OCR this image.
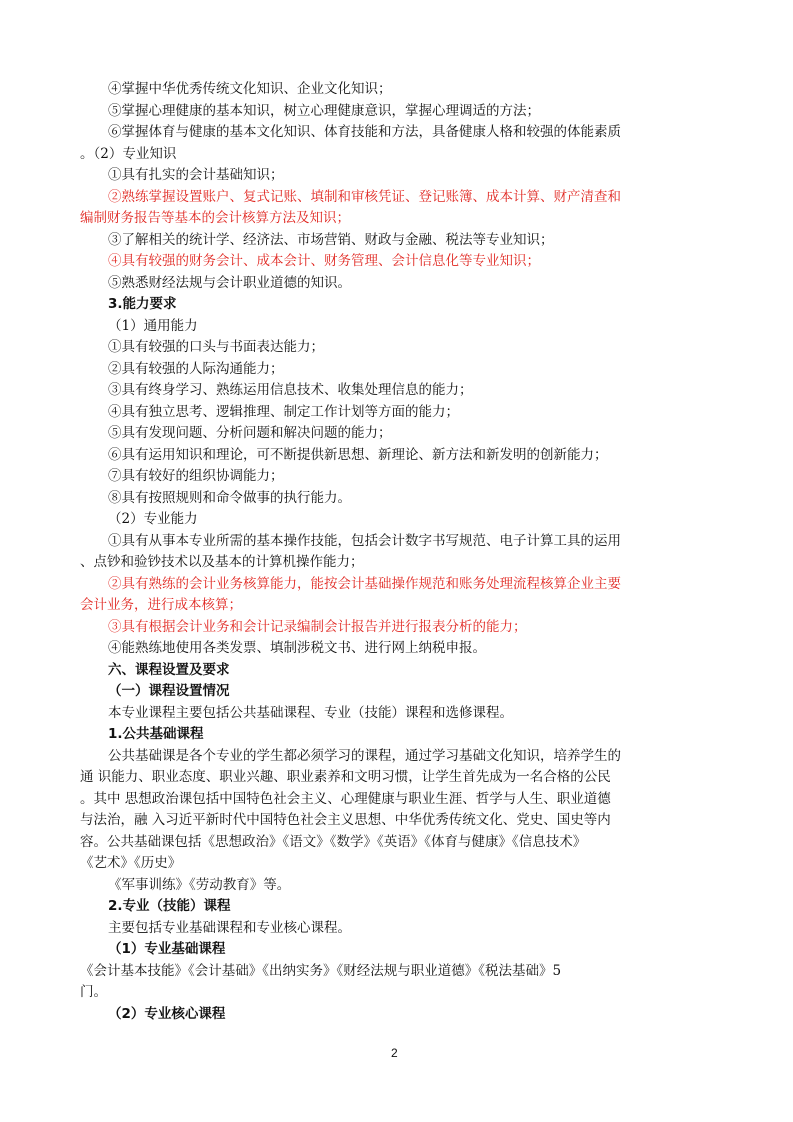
④掌握中华优秀传统文化知识、企业文化知识；
⑤掌握心理健康的基本知识，树立心理健康意识，掌握心理调适的方法；
⑥掌握体育与健康的基本文化知识、体育技能和方法，具备健康人格和较强的体能素质
。（2）专业知识
①具有扎实的会计基础知识；
②熟练掌握设置账户、复式记账、填制和审核凭证、登记账簿、成本计算、财产清查和
编制财务报告等基本的会计核算方法及知识；
③了解相关的统计学、经济法、市场营销、财政与金融、税法等专业知识；
④具有较强的财务会计、成本会计、财务管理、会计信息化等专业知识；
⑤熟悉财经法规与会计职业道德的知识。
3.能力要求
（1）通用能力
①具有较强的口头与书面表达能力；
②具有较强的人际沟通能力；
③具有终身学习、熟练运用信息技术、收集处理信息的能力；
④具有独立思考、逻辑推理、制定工作计划等方面的能力；
⑤具有发现问题、分析问题和解决问题的能力；
⑥具有运用知识和理论，可不断提供新思想、新理论、新方法和新发明的创新能力；
⑦具有较好的组织协调能力；
⑧具有按照规则和命令做事的执行能力。
（2）专业能力
①具有从事本专业所需的基本操作技能，包括会计数字书写规范、电子计算工具的运用
、点钞和验钞技术以及基本的计算机操作能力；
②具有熟练的会计业务核算能力，能按会计基础操作规范和账务处理流程核算企业主要
会计业务，进行成本核算；
③具有根据会计业务和会计记录编制会计报告并进行报表分析的能力；
④能熟练地使用各类发票、填制涉税文书、进行网上纳税申报。
六、课程设置及要求
（一）课程设置情况
本专业课程主要包括公共基础课程、专业（技能）课程和选修课程。
1.公共基础课程
公共基础课是各个专业的学生都必须学习的课程，通过学习基础文化知识，培养学生的
通 识能力、职业态度、职业兴趣、职业素养和文明习惯，让学生首先成为一名合格的公民
。其中 思想政治课包括中国特色社会主义、心理健康与职业生涯、哲学与人生、职业道德
与法治，融 入习近平新时代中国特色社会主义思想、中华优秀传统文化、党史、国史等内
容。公共基础课包括《思想政治》《语文》《数学》《英语》《体育与健康》《信息技术》
《艺术》《历史》
《军事训练》《劳动教育》等。
2.专业（技能）课程
主要包括专业基础课程和专业核心课程。
（1）专业基础课程
《会计基本技能》《会计基础》《出纳实务》《财经法规与职业道德》《税法基础》5
门。
（2）专业核心课程
2
